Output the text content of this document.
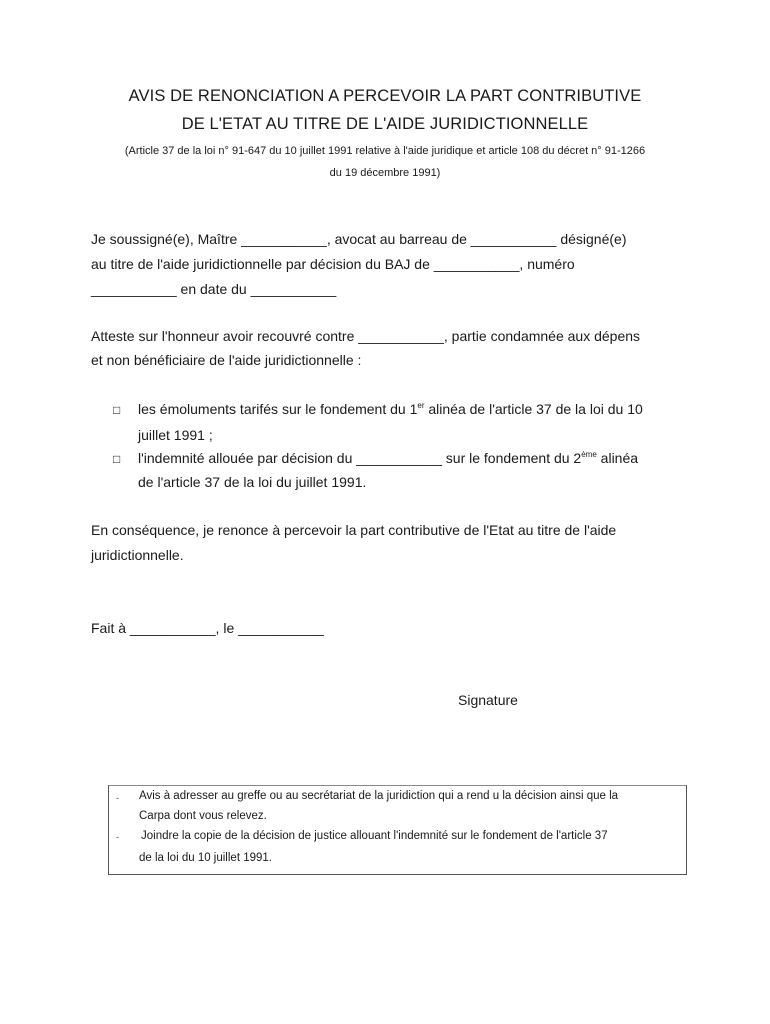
AVIS DE RENONCIATION A PERCEVOIR LA PART CONTRIBUTIVE
DE L'ETAT AU TITRE DE L'AIDE JURIDICTIONNELLE
(Article 37 de la loi n° 91-647 du 10 juillet 1991 relative à l'aide juridique et article 108 du décret n° 91-1266
du 19 décembre 1991)
Je soussigné(e), Maître ___________, avocat au barreau de ___________ désigné(e)
au titre de l'aide juridictionnelle par décision du BAJ de ___________, numéro
___________ en date du ___________
Atteste sur l'honneur avoir recouvré contre ___________, partie condamnée aux dépens
et non bénéficiaire de l'aide juridictionnelle :
□ les émoluments tarifés sur le fondement du 1er alinéa de l'article 37 de la loi du 10
juillet 1991 ;
□ l'indemnité allouée par décision du ___________ sur le fondement du 2ème alinéa
de l'article 37 de la loi du juillet 1991.
En conséquence, je renonce à percevoir la part contributive de l'Etat au titre de l'aide
juridictionnelle.
Fait à ___________, le ___________
Signature
- Avis à adresser au greffe ou au secrétariat de la juridiction qui a rend u la décision ainsi que la
Carpa dont vous relevez.
- Joindre la copie de la décision de justice allouant l'indemnité sur le fondement de l'article 37
de la loi du 10 juillet 1991.
